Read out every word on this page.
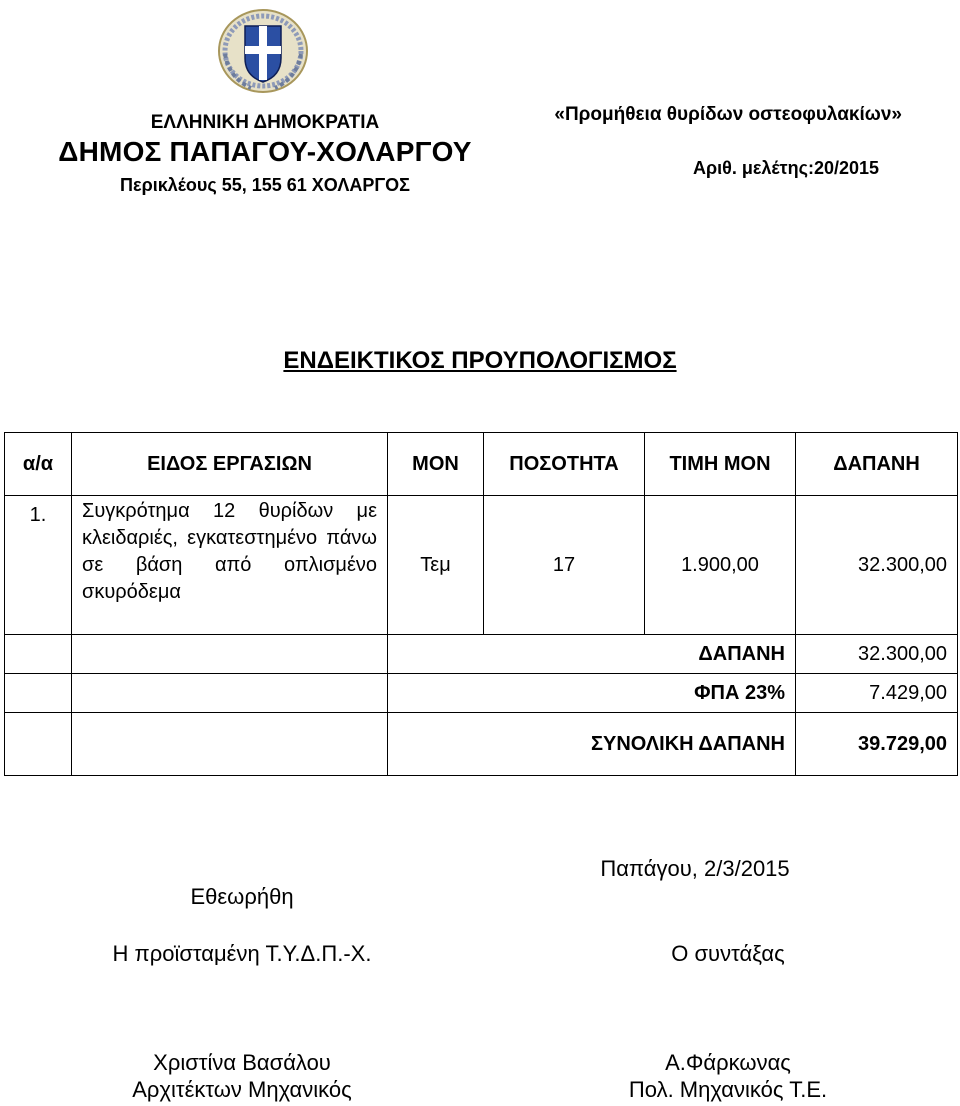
ΕΛΛΗΝΙΚΗ ΔΗΜΟΚΡΑΤΙΑ
ΔΗΜΟΣ ΠΑΠΑΓΟΥ-ΧΟΛΑΡΓΟΥ
Περικλέους 55, 155 61 ΧΟΛΑΡΓΟΣ
«Προμήθεια θυρίδων οστεοφυλακίων»
Αριθ. μελέτης:20/2015
ΕΝΔΕΙΚΤΙΚΟΣ ΠΡΟΥΠΟΛΟΓΙΣΜΟΣ
α/α	ΕΙΔΟΣ ΕΡΓΑΣΙΩΝ	ΜΟΝ	ΠΟΣΟΤΗΤΑ	ΤΙΜΗ ΜΟΝ	ΔΑΠΑΝΗ
1.	Συγκρότημα 12 θυρίδων με κλειδαριές, εγκατεστημένο πάνω σε βάση από οπλισμένο σκυρόδεμα	Τεμ	17	1.900,00	32.300,00
		ΔΑΠΑΝΗ			32.300,00
		ΦΠΑ 23%			7.429,00
		ΣΥΝΟΛΙΚΗ ΔΑΠΑΝΗ			39.729,00
Εθεωρήθη
Παπάγου, 2/3/2015
Η προϊσταμένη Τ.Υ.Δ.Π.-Χ.	Ο συντάξας
Χριστίνα Βασάλου
Αρχιτέκτων Μηχανικός
Α.Φάρκωνας
Πολ. Μηχανικός Τ.Ε.
